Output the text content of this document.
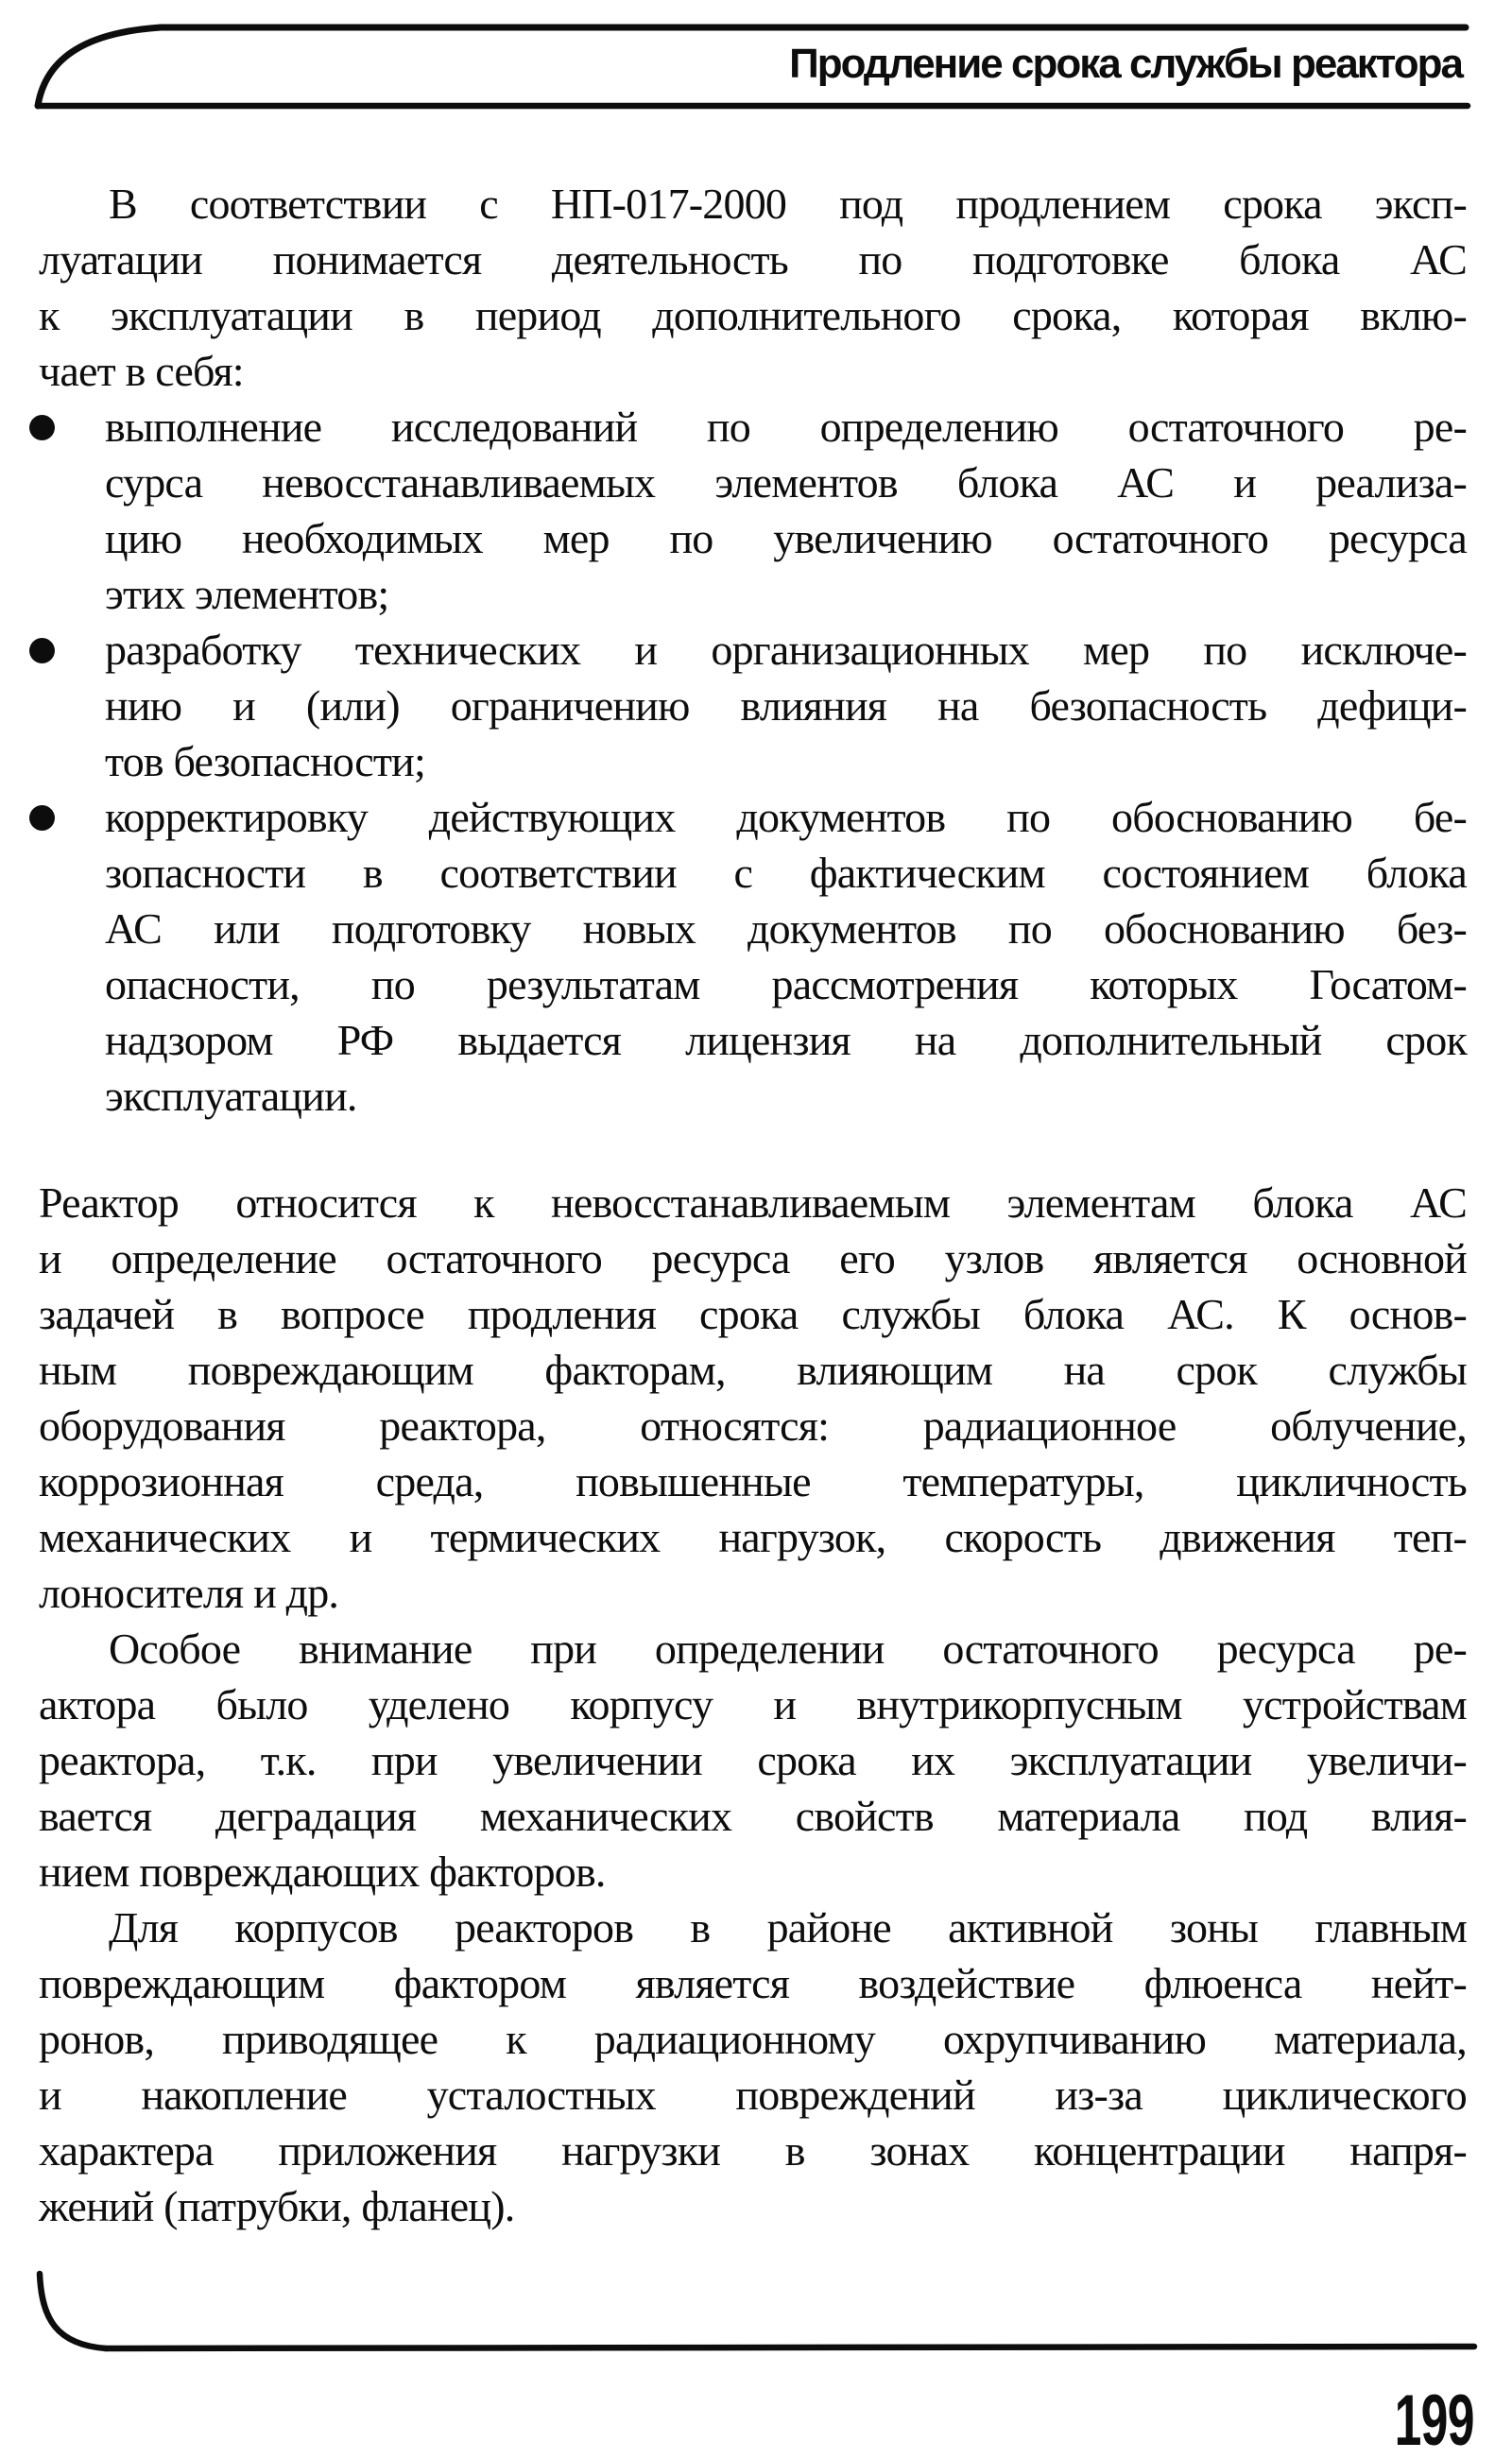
Продление срока службы реактора
В соответствии с НП-017-2000 под продлением срока эксп-
луатации понимается деятельность по подготовке блока АС
к эксплуатации в период дополнительного срока, которая вклю-
чает в себя:
выполнение исследований по определению остаточного ре-
сурса невосстанавливаемых элементов блока АС и реализа-
цию необходимых мер по увеличению остаточного ресурса
этих элементов;
разработку технических и организационных мер по исключе-
нию и (или) ограничению влияния на безопасность дефици-
тов безопасности;
корректировку действующих документов по обоснованию бе-
зопасности в соответствии с фактическим состоянием блока
АС или подготовку новых документов по обоснованию без-
опасности, по результатам рассмотрения которых Госатом-
надзором РФ выдается лицензия на дополнительный срок
эксплуатации.
Реактор относится к невосстанавливаемым элементам блока АС
и определение остаточного ресурса его узлов является основной
задачей в вопросе продления срока службы блока АС. К основ-
ным повреждающим факторам, влияющим на срок службы
оборудования реактора, относятся: радиационное облучение,
коррозионная среда, повышенные температуры, цикличность
механических и термических нагрузок, скорость движения теп-
лоносителя и др.
Особое внимание при определении остаточного ресурса ре-
актора было уделено корпусу и внутрикорпусным устройствам
реактора, т.к. при увеличении срока их эксплуатации увеличи-
вается деградация механических свойств материала под влия-
нием повреждающих факторов.
Для корпусов реакторов в районе активной зоны главным
повреждающим фактором является воздействие флюенса нейт-
ронов, приводящее к радиационному охрупчиванию материала,
и накопление усталостных повреждений из-за циклического
характера приложения нагрузки в зонах концентрации напря-
жений (патрубки, фланец).
199
